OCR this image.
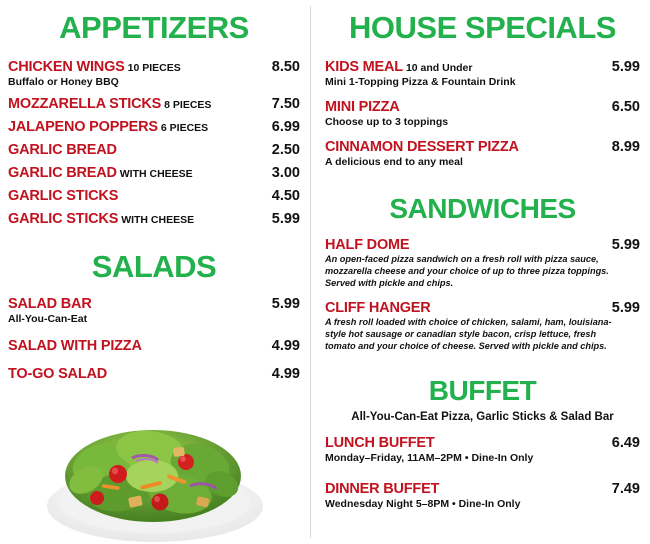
APPETIZERS
CHICKEN WINGS 10 PIECES	8.50
Buffalo or Honey BBQ
MOZZARELLA STICKS 8 PIECES	7.50
JALAPENO POPPERS 6 PIECES	6.99
GARLIC BREAD	2.50
GARLIC BREAD WITH CHEESE	3.00
GARLIC STICKS	4.50
GARLIC STICKS WITH CHEESE	5.99
SALADS
SALAD BAR	5.99
All-You-Can-Eat
SALAD WITH PIZZA	4.99
TO-GO SALAD	4.99
HOUSE SPECIALS
KIDS MEAL 10 and Under	5.99
Mini 1-Topping Pizza & Fountain Drink
MINI PIZZA	6.50
Choose up to 3 toppings
CINNAMON DESSERT PIZZA	8.99
A delicious end to any meal
SANDWICHES
HALF DOME	5.99
An open-faced pizza sandwich on a fresh roll with pizza sauce, mozzarella cheese and your choice of up to three pizza toppings. Served with pickle and chips.
CLIFF HANGER	5.99
A fresh roll loaded with choice of chicken, salami, ham, louisiana-style hot sausage or canadian style bacon, crisp lettuce, fresh tomato and your choice of cheese. Served with pickle and chips.
BUFFET
All-You-Can-Eat Pizza, Garlic Sticks & Salad Bar
LUNCH BUFFET	6.49
Monday–Friday, 11AM–2PM • Dine-In Only
DINNER BUFFET	7.49
Wednesday Night 5–8PM • Dine-In Only
